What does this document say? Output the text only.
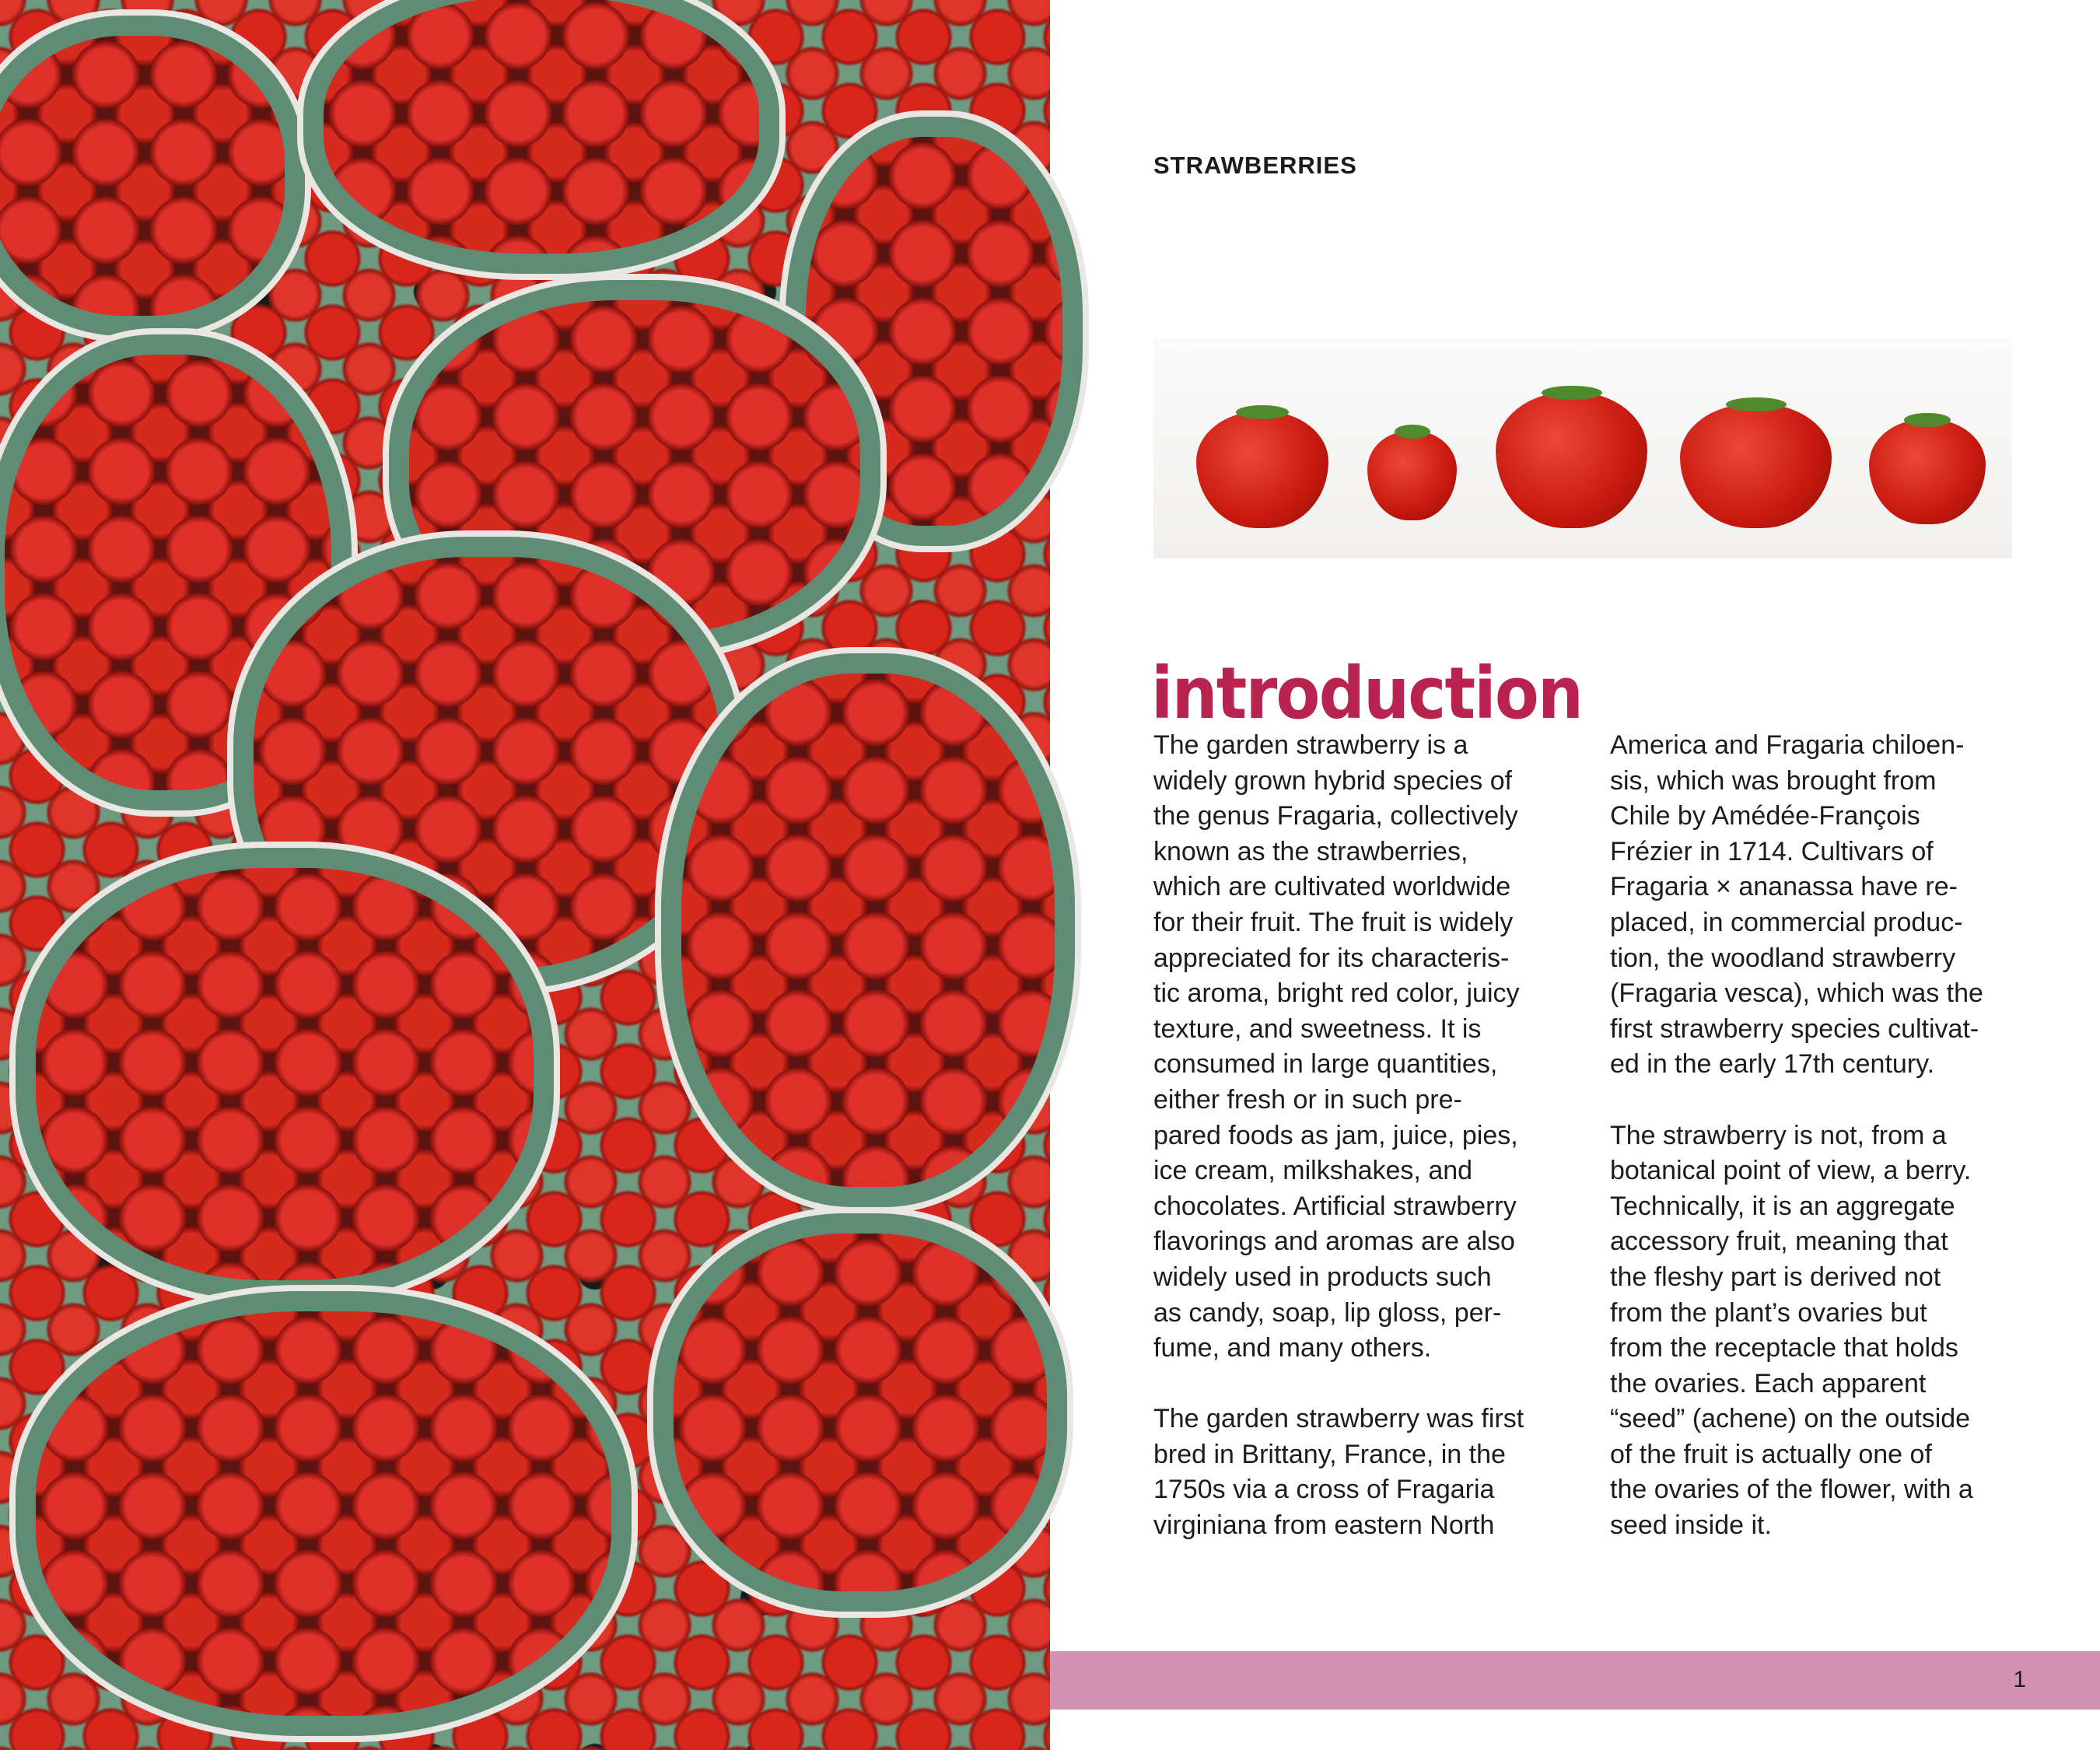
STRAWBERRIES
introduction
The garden strawberry is a
widely grown hybrid species of
the genus Fragaria, collectively
known as the strawberries,
which are cultivated worldwide
for their fruit. The fruit is widely
appreciated for its characteris-
tic aroma, bright red color, juicy
texture, and sweetness. It is
consumed in large quantities,
either fresh or in such pre-
pared foods as jam, juice, pies,
ice cream, milkshakes, and
chocolates. Artificial strawberry
flavorings and aromas are also
widely used in products such
as candy, soap, lip gloss, per-
fume, and many others.
The garden strawberry was first
bred in Brittany, France, in the
1750s via a cross of Fragaria
virginiana from eastern North
America and Fragaria chiloen-
sis, which was brought from
Chile by Amédée-François
Frézier in 1714. Cultivars of
Fragaria × ananassa have re-
placed, in commercial produc-
tion, the woodland strawberry
(Fragaria vesca), which was the
first strawberry species cultivat-
ed in the early 17th century.
The strawberry is not, from a
botanical point of view, a berry.
Technically, it is an aggregate
accessory fruit, meaning that
the fleshy part is derived not
from the plant’s ovaries but
from the receptacle that holds
the ovaries. Each apparent
“seed” (achene) on the outside
of the fruit is actually one of
the ovaries of the flower, with a
seed inside it.
1
